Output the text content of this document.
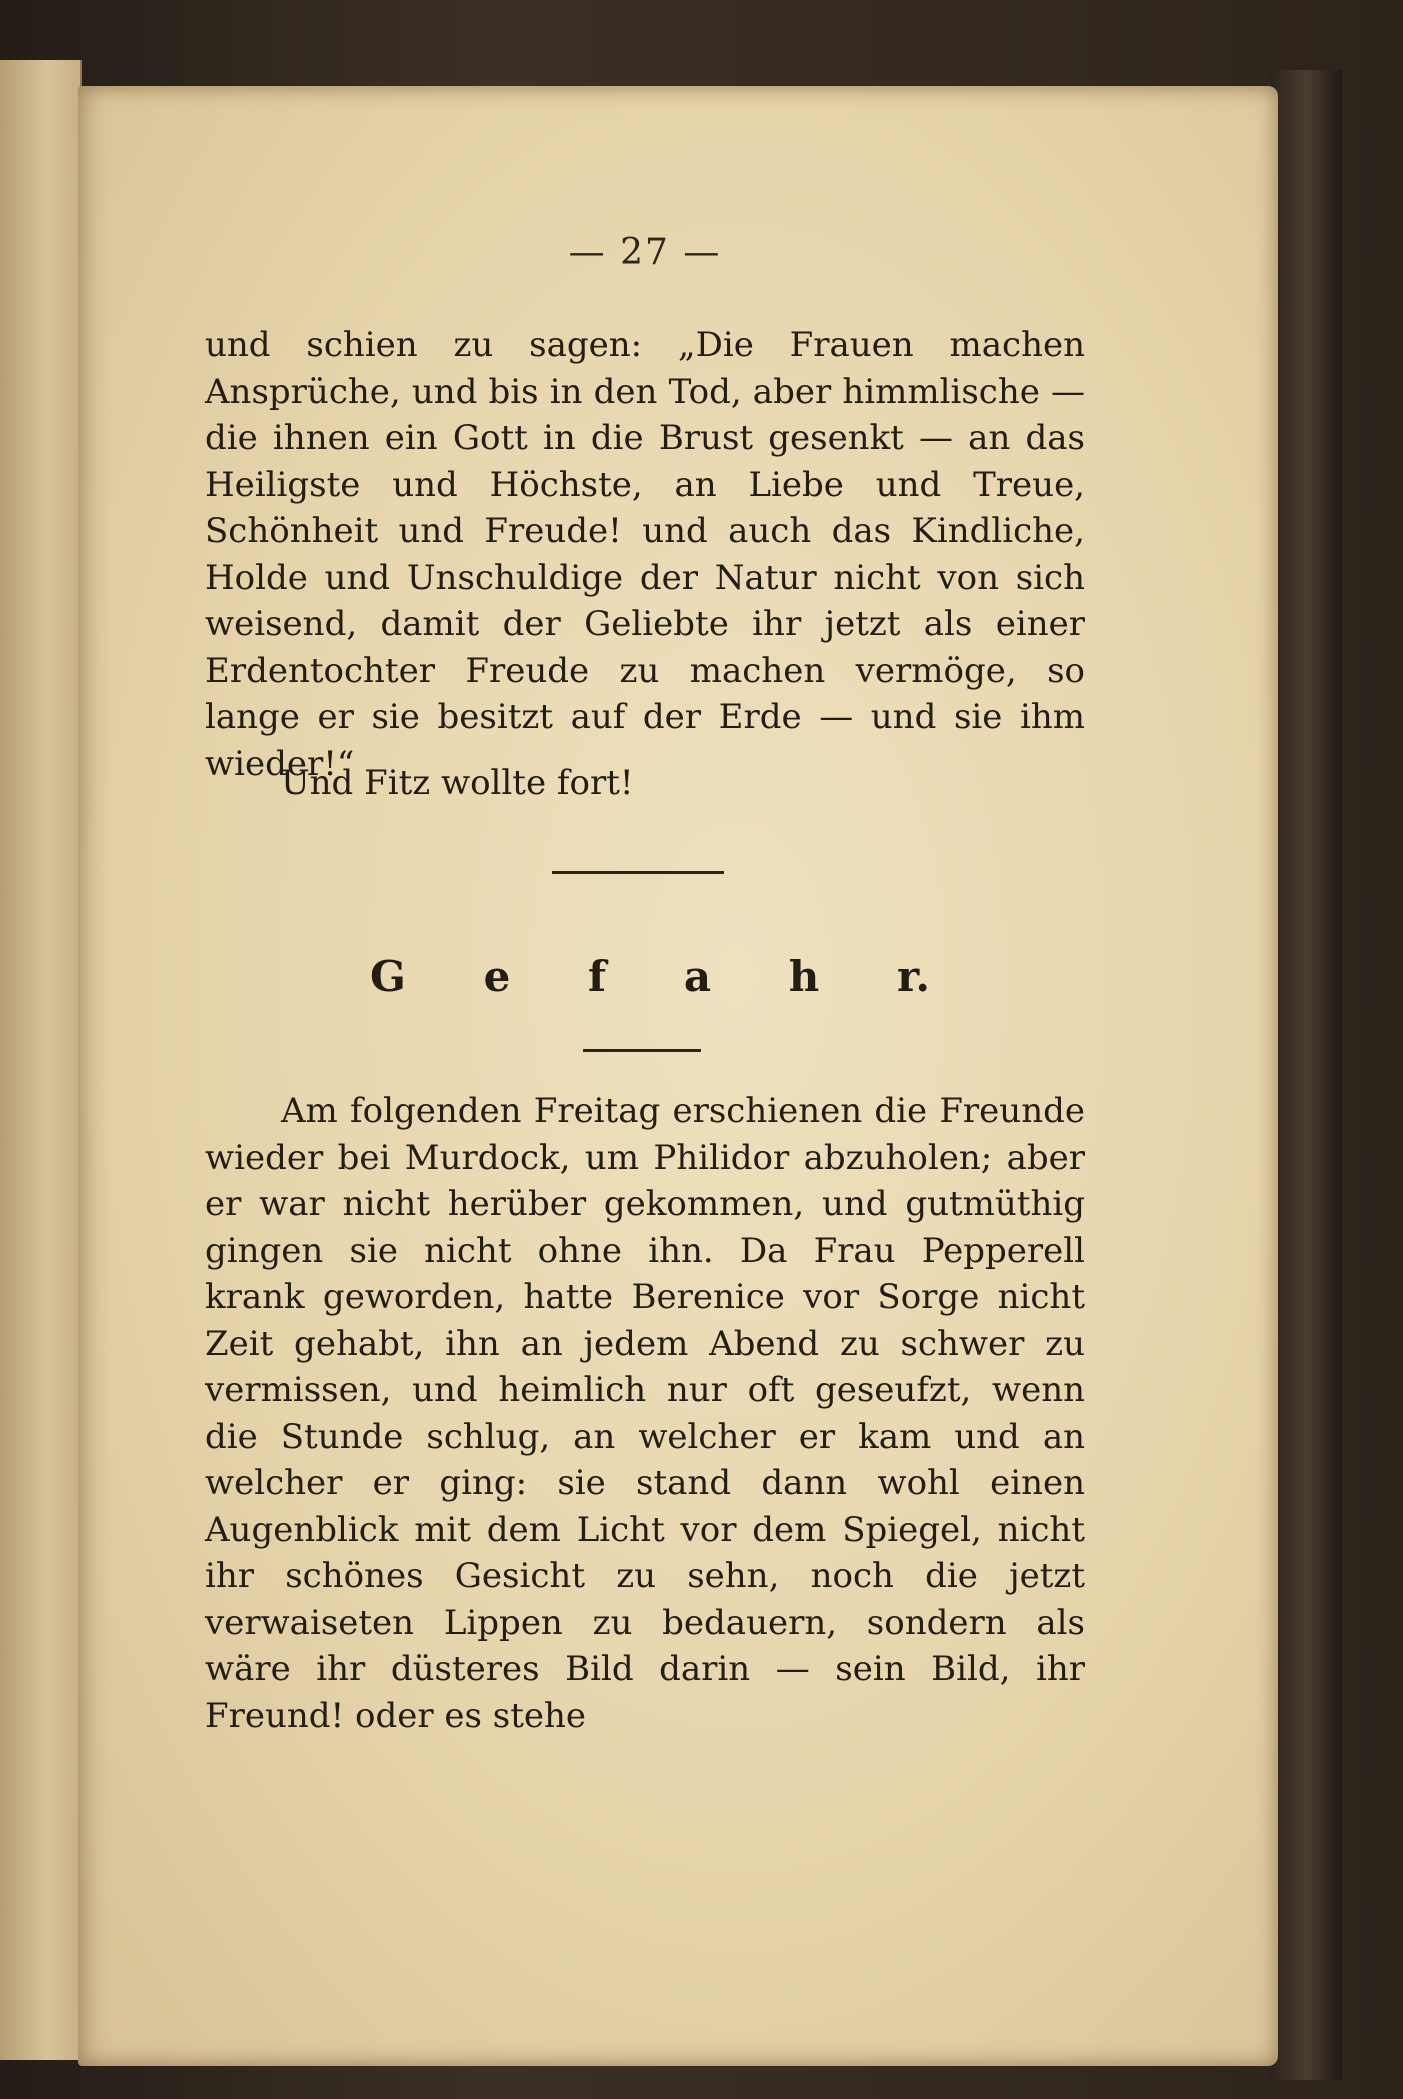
— 27 —

und schien zu sagen: „Die Frauen machen Ansprüche, und bis in den Tod, aber himmlische — die ihnen ein Gott in die Brust gesenkt — an das Heiligste und Höchste, an Liebe und Treue, Schönheit und Freude! und auch das Kindliche, Holde und Unschuldige der Natur nicht von sich weisend, damit der Geliebte ihr jetzt als einer Erdentochter Freude zu machen vermöge, so lange er sie besitzt auf der Erde — und sie ihm wieder!“

Und Fitz wollte fort!

G e f a h r.

Am folgenden Freitag erschienen die Freunde wieder bei Murdock, um Philidor abzuholen; aber er war nicht herüber gekommen, und gutmüthig gingen sie nicht ohne ihn. Da Frau Pepperell krank geworden, hatte Berenice vor Sorge nicht Zeit gehabt, ihn an jedem Abend zu schwer zu vermissen, und heimlich nur oft geseufzt, wenn die Stunde schlug, an welcher er kam und an welcher er ging: sie stand dann wohl einen Augenblick mit dem Licht vor dem Spiegel, nicht ihr schönes Gesicht zu sehn, noch die jetzt verwaiseten Lippen zu bedauern, sondern als wäre ihr düsteres Bild darin — sein Bild, ihr Freund! oder es stehe
